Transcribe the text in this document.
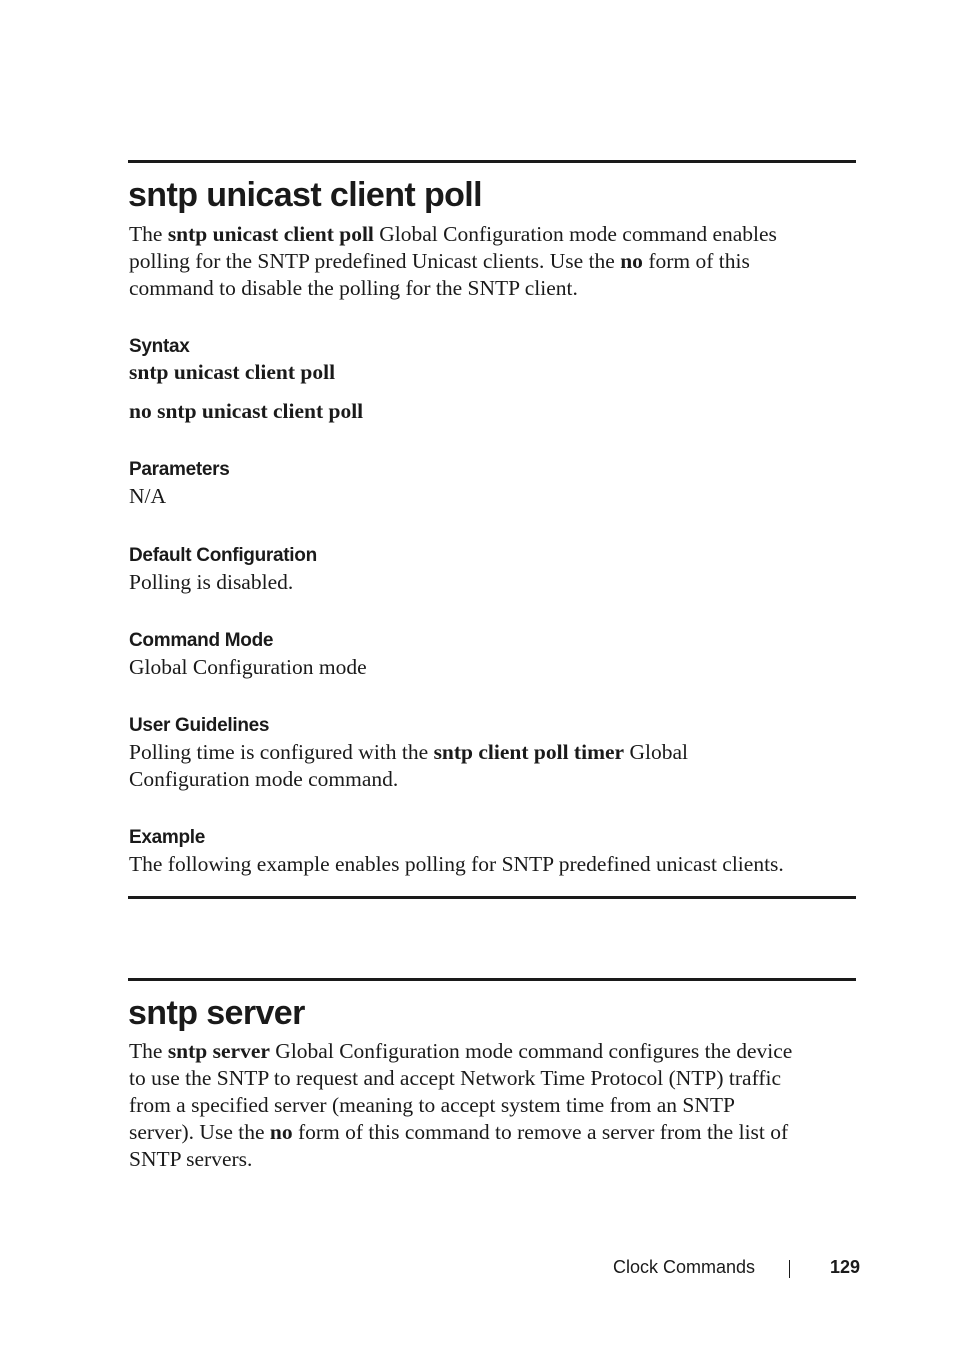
sntp unicast client poll
The sntp unicast client poll Global Configuration mode command enables
polling for the SNTP predefined Unicast clients. Use the no form of this
command to disable the polling for the SNTP client.
Syntax
sntp unicast client poll
no sntp unicast client poll
Parameters
N/A
Default Configuration
Polling is disabled.
Command Mode
Global Configuration mode
User Guidelines
Polling time is configured with the sntp client poll timer Global
Configuration mode command.
Example
The following example enables polling for SNTP predefined unicast clients.
sntp server
The sntp server Global Configuration mode command configures the device
to use the SNTP to request and accept Network Time Protocol (NTP) traffic
from a specified server (meaning to accept system time from an SNTP
server). Use the no form of this command to remove a server from the list of
SNTP servers.
Clock Commands	129
